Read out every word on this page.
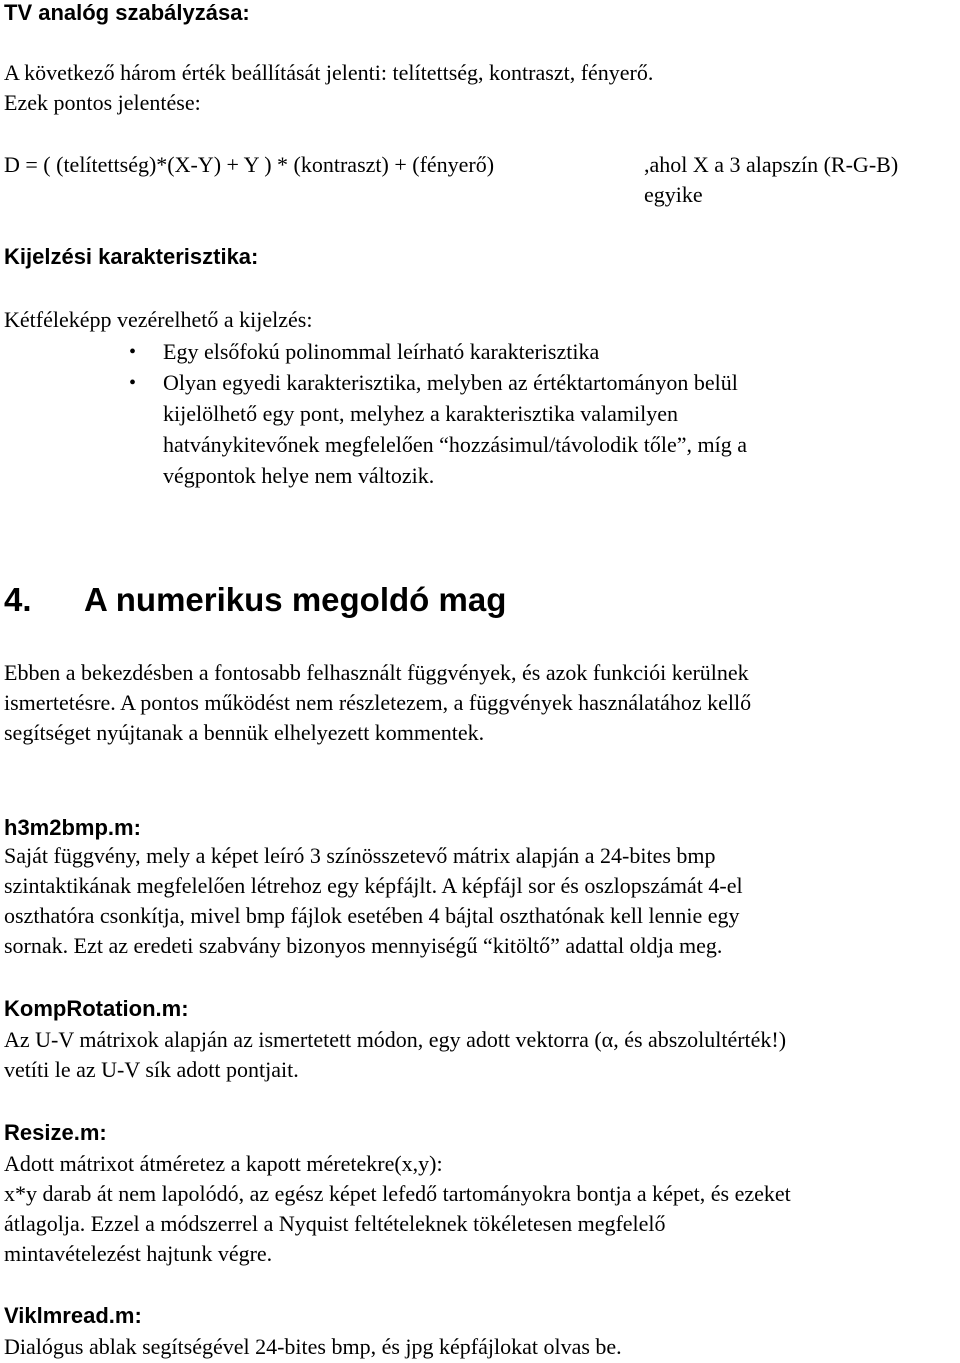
TV analóg szabályzása:
A következő három érték beállítását jelenti: telítettség, kontraszt, fényerő.
Ezek pontos jelentése:
D = ( (telítettség)*(X-Y) + Y ) * (kontraszt) + (fényerő)	,ahol X a 3 alapszín (R-G-B)
egyike
Kijelzési karakterisztika:
Kétféleképp vezérelhető a kijelzés:
• Egy elsőfokú polinommal leírható karakterisztika
• Olyan egyedi karakterisztika, melyben az értéktartományon belül
kijelölhető egy pont, melyhez a karakterisztika valamilyen
hatványkitevőnek megfelelően “hozzásimul/távolodik tőle”, míg a
végpontok helye nem változik.
4. A numerikus megoldó mag
Ebben a bekezdésben a fontosabb felhasznált függvények, és azok funkciói kerülnek
ismertetésre. A pontos működést nem részletezem, a függvények használatához kellő
segítséget nyújtanak a bennük elhelyezett kommentek.
h3m2bmp.m:
Saját függvény, mely a képet leíró 3 színösszetevő mátrix alapján a 24-bites bmp
szintaktikának megfelelően létrehoz egy képfájlt. A képfájl sor és oszlopszámát 4-el
oszthatóra csonkítja, mivel bmp fájlok esetében 4 bájtal oszthatónak kell lennie egy
sornak. Ezt az eredeti szabvány bizonyos mennyiségű “kitöltő” adattal oldja meg.
KompRotation.m:
Az U-V mátrixok alapján az ismertetett módon, egy adott vektorra (α, és abszolultérték!)
vetíti le az U-V sík adott pontjait.
Resize.m:
Adott mátrixot átméretez a kapott méretekre(x,y):
x*y darab át nem lapolódó, az egész képet lefedő tartományokra bontja a képet, és ezeket
átlagolja. Ezzel a módszerrel a Nyquist feltételeknek tökéletesen megfelelő
mintavételezést hajtunk végre.
Viklmread.m:
Dialógus ablak segítségével 24-bites bmp, és jpg képfájlokat olvas be.
